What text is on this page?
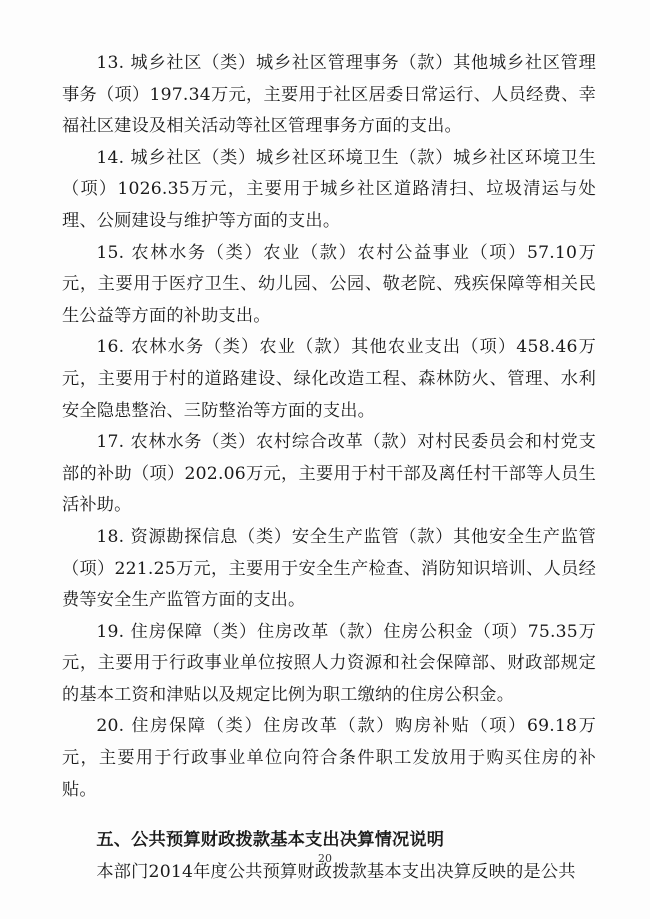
13. 城乡社区（类）城乡社区管理事务（款）其他城乡社区管理事务（项）197.34万元，主要用于社区居委日常运行、人员经费、幸福社区建设及相关活动等社区管理事务方面的支出。

14. 城乡社区（类）城乡社区环境卫生（款）城乡社区环境卫生（项）1026.35万元，主要用于城乡社区道路清扫、垃圾清运与处理、公厕建设与维护等方面的支出。

15. 农林水务（类）农业（款）农村公益事业（项）57.10万元，主要用于医疗卫生、幼儿园、公园、敬老院、残疾保障等相关民生公益等方面的补助支出。

16. 农林水务（类）农业（款）其他农业支出（项）458.46万元，主要用于村的道路建设、绿化改造工程、森林防火、管理、水利安全隐患整治、三防整治等方面的支出。

17. 农林水务（类）农村综合改革（款）对村民委员会和村党支部的补助（项）202.06万元，主要用于村干部及离任村干部等人员生活补助。

18. 资源勘探信息（类）安全生产监管（款）其他安全生产监管（项）221.25万元，主要用于安全生产检查、消防知识培训、人员经费等安全生产监管方面的支出。

19. 住房保障（类）住房改革（款）住房公积金（项）75.35万元，主要用于行政事业单位按照人力资源和社会保障部、财政部规定的基本工资和津贴以及规定比例为职工缴纳的住房公积金。

20. 住房保障（类）住房改革（款）购房补贴（项）69.18万元，主要用于行政事业单位向符合条件职工发放用于购买住房的补贴。

五、公共预算财政拨款基本支出决算情况说明

本部门2014年度公共预算财政拨款基本支出决算反映的是公共

20
